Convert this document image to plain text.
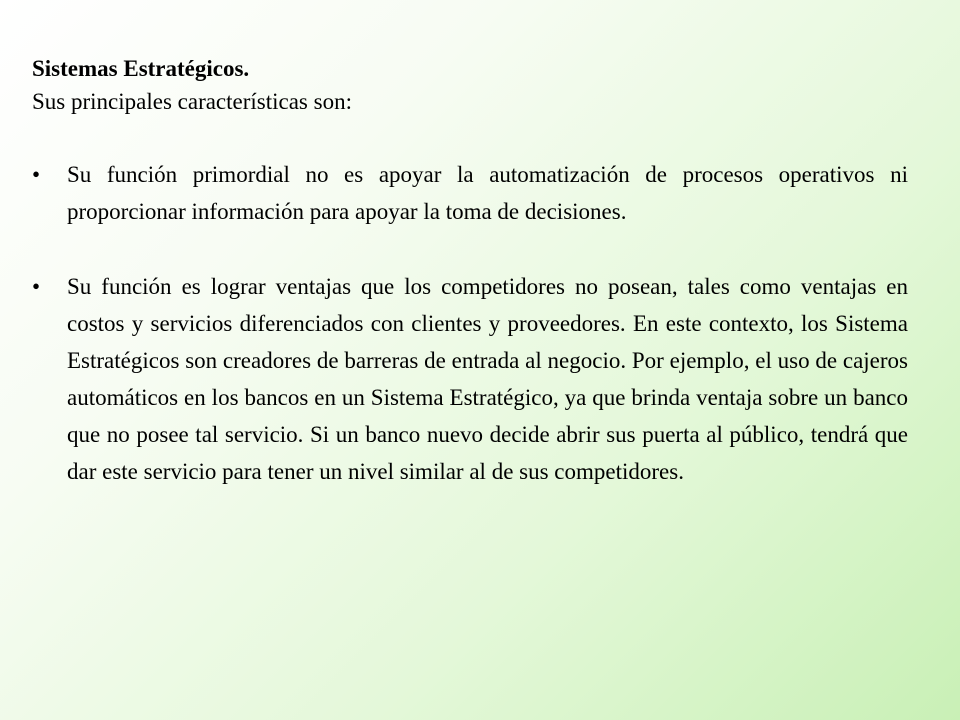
Sistemas Estratégicos.

Sus principales características son:

•	Su función primordial no es apoyar la automatización de procesos operativos ni proporcionar información para apoyar la toma de decisiones.
•	Su función es lograr ventajas que los competidores no posean, tales como ventajas en costos y servicios diferenciados con clientes y proveedores. En este contexto, los Sistema Estratégicos son creadores de barreras de entrada al negocio. Por ejemplo, el uso de cajeros automáticos en los bancos en un Sistema Estratégico, ya que brinda ventaja sobre un banco que no posee tal servicio. Si un banco nuevo decide abrir sus puerta al público, tendrá que dar este servicio para tener un nivel similar al de sus competidores.
